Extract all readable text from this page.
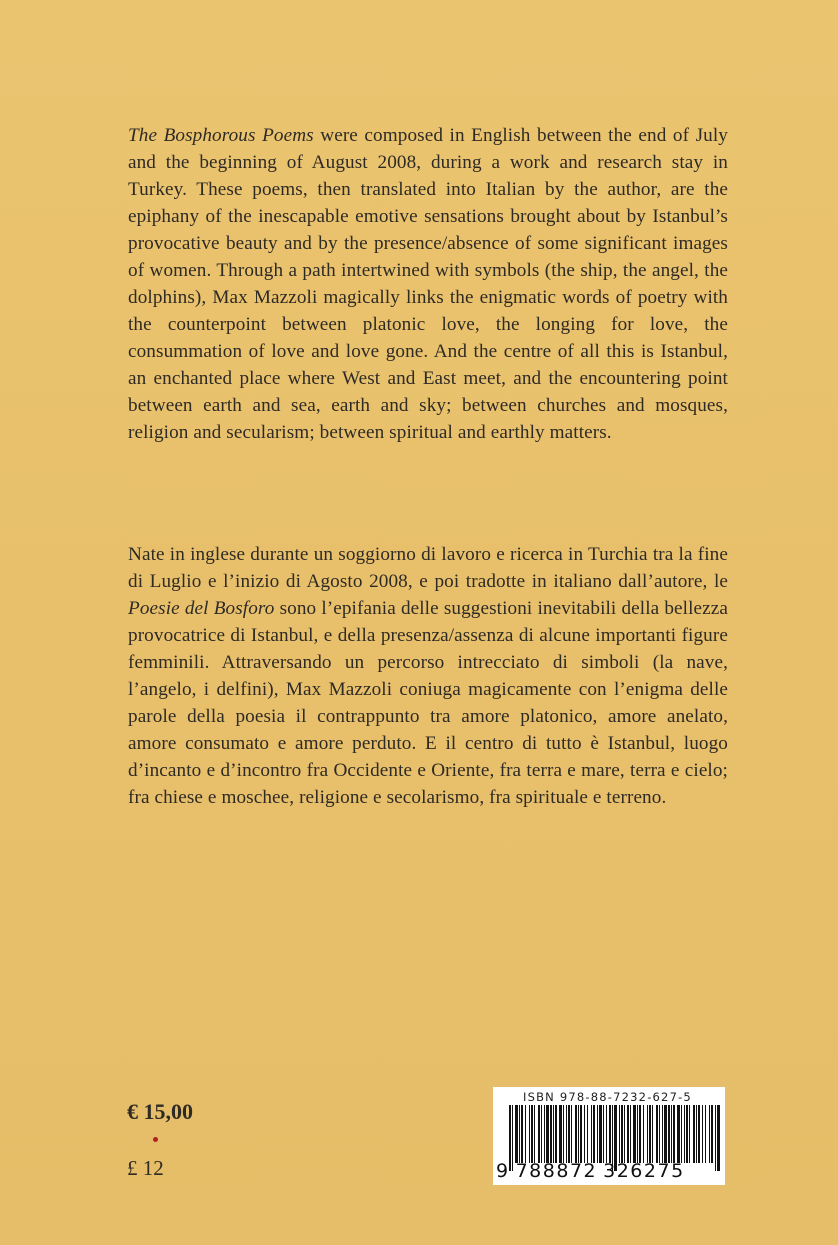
The Bosphorous Poems were composed in English between the end of July and the beginning of August 2008, during a work and research stay in Turkey. These poems, then translated into Italian by the author, are the epiphany of the inescapable emotive sensations brought about by Istanbul’s provocative beauty and by the presence/absence of some significant images of women. Through a path intertwined with symbols (the ship, the angel, the dolphins), Max Mazzoli magically links the enigmatic words of poetry with the counterpoint between platonic love, the longing for love, the consummation of love and love gone. And the centre of all this is Istanbul, an enchanted place where West and East meet, and the encountering point between earth and sea, earth and sky; between churches and mosques, religion and secularism; between spiritual and earthly matters.

Nate in inglese durante un soggiorno di lavoro e ricerca in Turchia tra la fine di Luglio e l’inizio di Agosto 2008, e poi tradotte in italiano dall’autore, le Poesie del Bosforo sono l’epifania delle suggestioni inevitabili della bellezza provocatrice di Istanbul, e della presenza/assenza di alcune importanti figure femminili. Attraversando un percorso intrecciato di simboli (la nave, l’angelo, i delfini), Max Mazzoli coniuga magicamente con l’enigma delle parole della poesia il contrappunto tra amore platonico, amore anelato, amore consumato e amore perduto. E il centro di tutto è Istanbul, luogo d’incanto e d’incontro fra Occidente e Oriente, fra terra e mare, terra e cielo; fra chiese e moschee, religione e secolarismo, fra spirituale e terreno.

€ 15,00
£ 12
ISBN 978-88-7232-627-5
9 788872 326275
